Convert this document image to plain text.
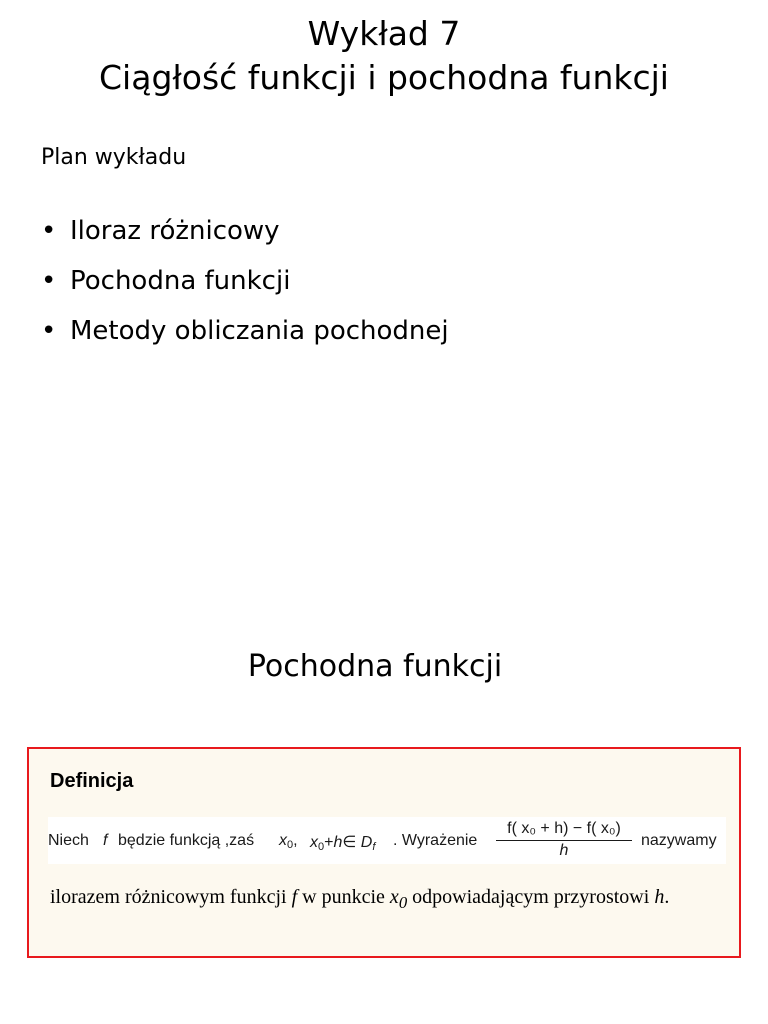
Wykład 7
Ciągłość funkcji i pochodna funkcji
Plan wykładu
• Iloraz różnicowy
• Pochodna funkcji
• Metody obliczania pochodnej
Pochodna funkcji
Definicja
Niech f będzie funkcją ,zaś $x_0$, $x_0+h\in$ $D_f$ . Wyrażenie $\frac{\text{f( x₀ + h) − f( x₀)}}{h}$ nazywamy
ilorazem różnicowym funkcji f w punkcie $x_0$ odpowiadającym przyrostowi h.
